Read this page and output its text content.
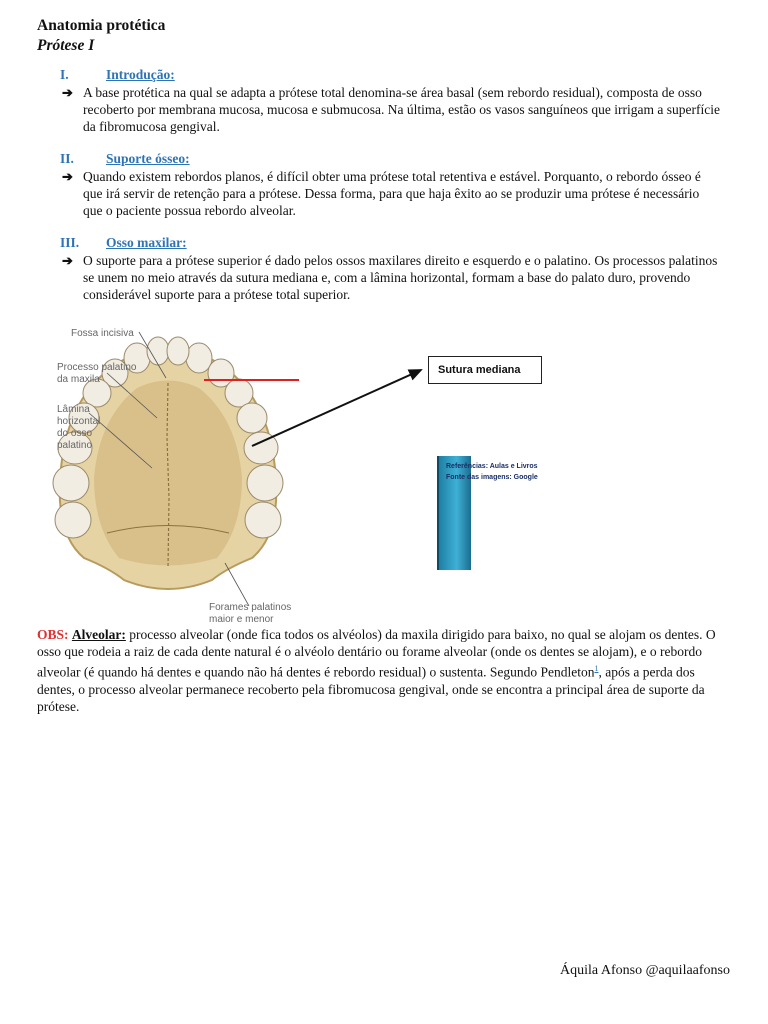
Anatomia protética
Prótese I
I.	Introdução:
➔ A base protética na qual se adapta a prótese total denomina-se área basal (sem rebordo residual), composta de osso recoberto por membrana mucosa, mucosa e submucosa. Na última, estão os vasos sanguíneos que irrigam a superfície da fibromucosa gengival.
II. Suporte ósseo:
➔ Quando existem rebordos planos, é difícil obter uma prótese total retentiva e estável. Porquanto, o rebordo ósseo é que irá servir de retenção para a prótese. Dessa forma, para que haja êxito ao se produzir uma prótese é necessário que o paciente possua rebordo alveolar.
III. Osso maxilar:
➔ O suporte para a prótese superior é dado pelos ossos maxilares direito e esquerdo e o palatino. Os processos palatinos se unem no meio através da sutura mediana e, com a lâmina horizontal, formam a base do palato duro, provendo considerável suporte para a prótese total superior.
Fossa incisiva
Processo palatino
da maxila
Lâmina
horizontal
do osso
palatino
Forames palatinos
maior e menor
Sutura mediana
Referências: Aulas e Livros
Fonte das imagens: Google
OBS: Alveolar: processo alveolar (onde fica todos os alvéolos) da maxila dirigido para baixo, no qual se alojam os dentes. O osso que rodeia a raiz de cada dente natural é o alvéolo dentário ou forame alveolar (onde os dentes se alojam), e o rebordo alveolar (é quando há dentes e quando não há dentes é rebordo residual) o sustenta. Segundo Pendleton$^1$, após a perda dos dentes, o processo alveolar permanece recoberto pela fibromucosa gengival, onde se encontra a principal área de suporte da prótese.
Áquila Afonso @aquilaafonso
